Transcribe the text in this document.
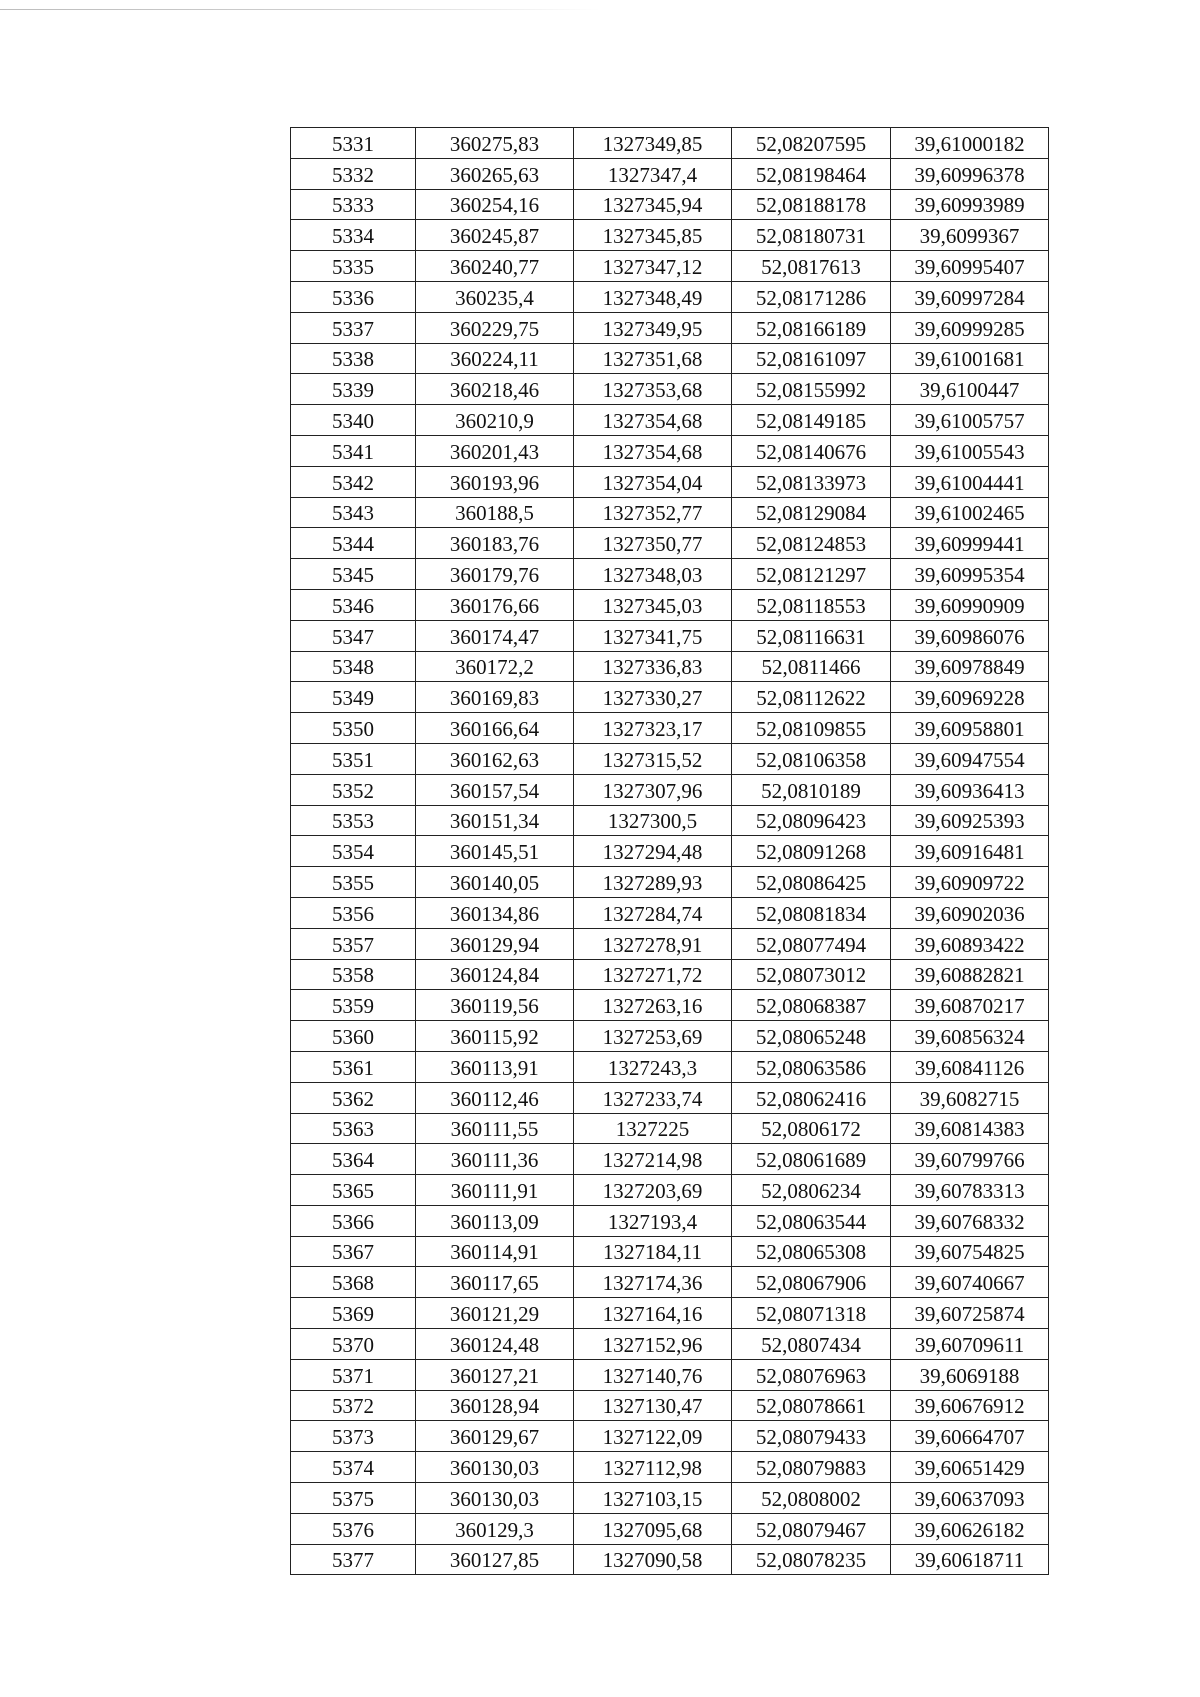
5331	360275,83	1327349,85	52,08207595	39,61000182
5332	360265,63	1327347,4	52,08198464	39,60996378
5333	360254,16	1327345,94	52,08188178	39,60993989
5334	360245,87	1327345,85	52,08180731	39,6099367
5335	360240,77	1327347,12	52,0817613	39,60995407
5336	360235,4	1327348,49	52,08171286	39,60997284
5337	360229,75	1327349,95	52,08166189	39,60999285
5338	360224,11	1327351,68	52,08161097	39,61001681
5339	360218,46	1327353,68	52,08155992	39,6100447
5340	360210,9	1327354,68	52,08149185	39,61005757
5341	360201,43	1327354,68	52,08140676	39,61005543
5342	360193,96	1327354,04	52,08133973	39,61004441
5343	360188,5	1327352,77	52,08129084	39,61002465
5344	360183,76	1327350,77	52,08124853	39,60999441
5345	360179,76	1327348,03	52,08121297	39,60995354
5346	360176,66	1327345,03	52,08118553	39,60990909
5347	360174,47	1327341,75	52,08116631	39,60986076
5348	360172,2	1327336,83	52,0811466	39,60978849
5349	360169,83	1327330,27	52,08112622	39,60969228
5350	360166,64	1327323,17	52,08109855	39,60958801
5351	360162,63	1327315,52	52,08106358	39,60947554
5352	360157,54	1327307,96	52,0810189	39,60936413
5353	360151,34	1327300,5	52,08096423	39,60925393
5354	360145,51	1327294,48	52,08091268	39,60916481
5355	360140,05	1327289,93	52,08086425	39,60909722
5356	360134,86	1327284,74	52,08081834	39,60902036
5357	360129,94	1327278,91	52,08077494	39,60893422
5358	360124,84	1327271,72	52,08073012	39,60882821
5359	360119,56	1327263,16	52,08068387	39,60870217
5360	360115,92	1327253,69	52,08065248	39,60856324
5361	360113,91	1327243,3	52,08063586	39,60841126
5362	360112,46	1327233,74	52,08062416	39,6082715
5363	360111,55	1327225	52,0806172	39,60814383
5364	360111,36	1327214,98	52,08061689	39,60799766
5365	360111,91	1327203,69	52,0806234	39,60783313
5366	360113,09	1327193,4	52,08063544	39,60768332
5367	360114,91	1327184,11	52,08065308	39,60754825
5368	360117,65	1327174,36	52,08067906	39,60740667
5369	360121,29	1327164,16	52,08071318	39,60725874
5370	360124,48	1327152,96	52,0807434	39,60709611
5371	360127,21	1327140,76	52,08076963	39,6069188
5372	360128,94	1327130,47	52,08078661	39,60676912
5373	360129,67	1327122,09	52,08079433	39,60664707
5374	360130,03	1327112,98	52,08079883	39,60651429
5375	360130,03	1327103,15	52,0808002	39,60637093
5376	360129,3	1327095,68	52,08079467	39,60626182
5377	360127,85	1327090,58	52,08078235	39,60618711
